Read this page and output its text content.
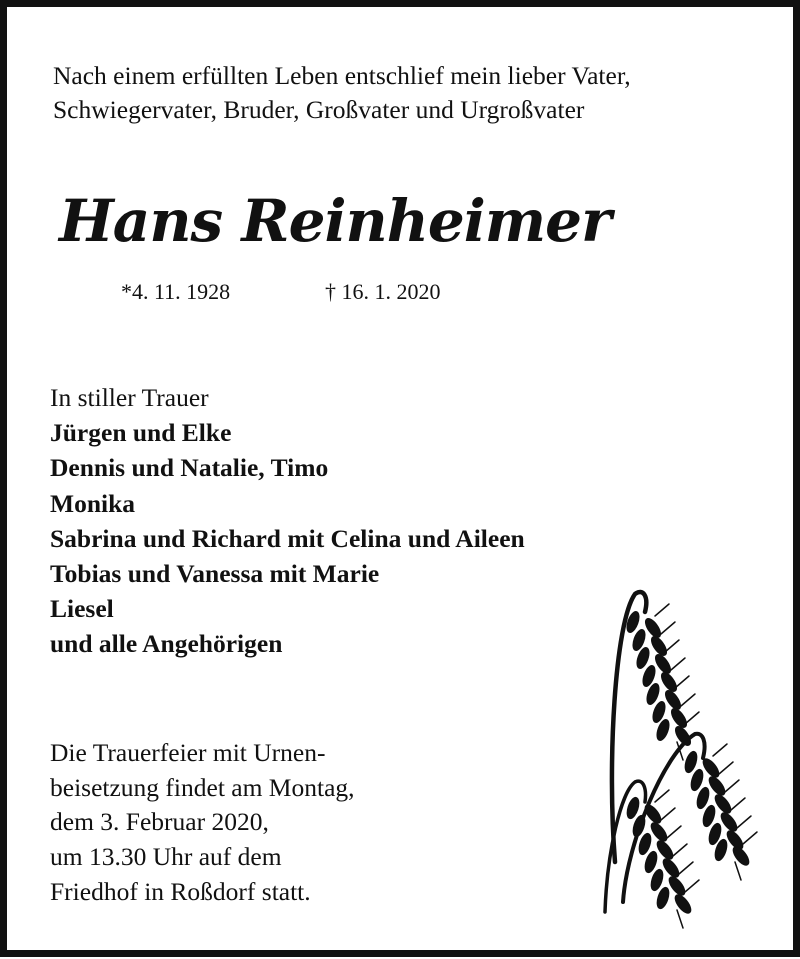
Nach einem erfüllten Leben entschlief mein lieber Vater,
Schwiegervater, Bruder, Großvater und Urgroßvater
Hans Reinheimer
*4. 11. 1928	† 16. 1. 2020
In stiller Trauer
Jürgen und Elke
Dennis und Natalie, Timo
Monika
Sabrina und Richard mit Celina und Aileen
Tobias und Vanessa mit Marie
Liesel
und alle Angehörigen
Die Trauerfeier mit Urnen-
beisetzung findet am Montag,
dem 3. Februar 2020,
um 13.30 Uhr auf dem
Friedhof in Roßdorf statt.
